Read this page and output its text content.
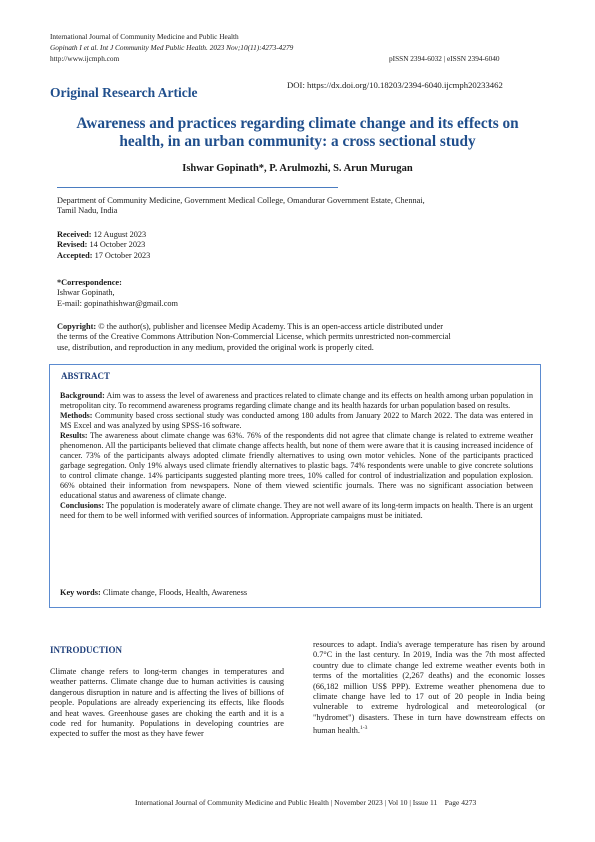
International Journal of Community Medicine and Public Health
Gopinath I et al. Int J Community Med Public Health. 2023 Nov;10(11):4273-4279
http://www.ijcmph.com	pISSN 2394-6032 | eISSN 2394-6040
Original Research Article	DOI: https://dx.doi.org/10.18203/2394-6040.ijcmph20233462
Awareness and practices regarding climate change and its effects on
health, in an urban community: a cross sectional study
Ishwar Gopinath*, P. Arulmozhi, S. Arun Murugan
Department of Community Medicine, Government Medical College, Omandurar Government Estate, Chennai,
Tamil Nadu, India
Received: 12 August 2023
Revised: 14 October 2023
Accepted: 17 October 2023
*Correspondence:
Ishwar Gopinath,
E-mail: gopinathishwar@gmail.com
Copyright: © the author(s), publisher and licensee Medip Academy. This is an open-access article distributed under
the terms of the Creative Commons Attribution Non-Commercial License, which permits unrestricted non-commercial
use, distribution, and reproduction in any medium, provided the original work is properly cited.
ABSTRACT

Background: Aim was to assess the level of awareness and practices related to climate change and its effects on health among urban population in metropolitan city. To recommend awareness programs regarding climate change and its health hazards for urban population based on results.

Methods: Community based cross sectional study was conducted among 180 adults from January 2022 to March 2022. The data was entered in MS Excel and was analyzed by using SPSS-16 software.

Results: The awareness about climate change was 63%. 76% of the respondents did not agree that climate change is related to extreme weather phenomenon. All the participants believed that climate change affects health, but none of them were aware that it is causing increased incidence of cancer. 73% of the participants always adopted climate friendly alternatives to using own motor vehicles. None of the participants practiced garbage segregation. Only 19% always used climate friendly alternatives to plastic bags. 74% respondents were unable to give concrete solutions to control climate change. 14% participants suggested planting more trees, 10% called for control of industrialization and population explosion. 66% obtained their information from newspapers. None of them viewed scientific journals. There was no significant association between educational status and awareness of climate change.

Conclusions: The population is moderately aware of climate change. They are not well aware of its long-term impacts on health. There is an urgent need for them to be well informed with verified sources of information. Appropriate campaigns must be initiated.

Key words: Climate change, Floods, Health, Awareness
INTRODUCTION
Climate change refers to long-term changes in temperatures and weather patterns. Climate change due to human activities is causing dangerous disruption in nature and is affecting the lives of billions of people. Populations are already experiencing its effects, like floods and heat waves. Greenhouse gases are choking the earth and it is a code red for humanity. Populations in developing countries are expected to suffer the most as they have fewer
resources to adapt. India's average temperature has risen by around 0.7°C in the last century. In 2019, India was the 7th most affected country due to climate change led extreme weather events both in terms of the mortalities (2,267 deaths) and the economic losses (66,182 million US$ PPP). Extreme weather phenomena due to climate change have led to 17 out of 20 people in India being vulnerable to extreme hydrological and meteorological (or "hydromet") disasters. These in turn have downstream effects on human health.$^{1-3}$
International Journal of Community Medicine and Public Health | November 2023 | Vol 10 | Issue 11    Page 4273
